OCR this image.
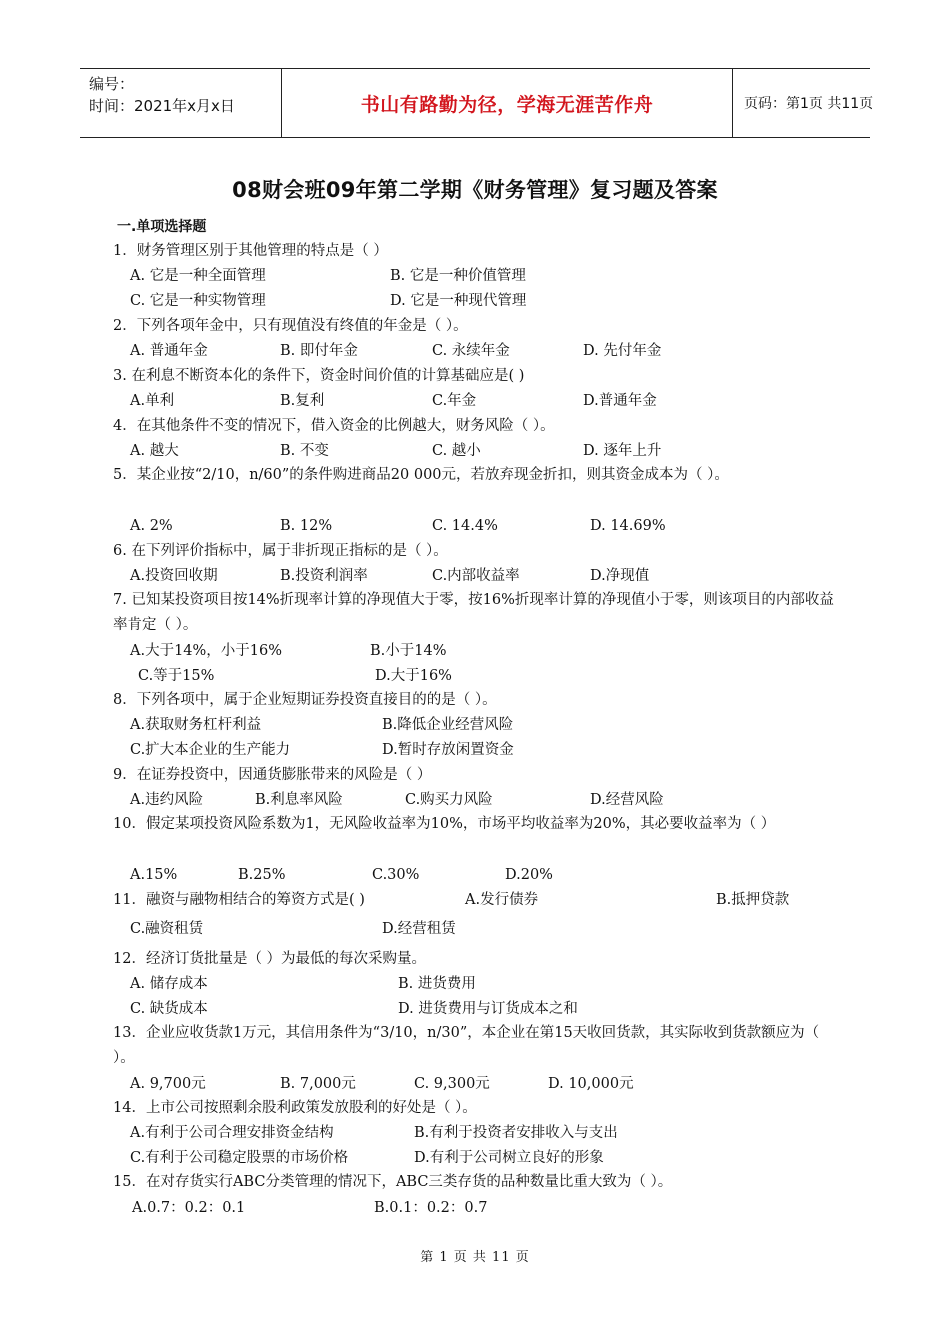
编号：
时间：2021年x月x日	书山有路勤为径，学海无涯苦作舟	页码：第1页 共11页
08财会班09年第二学期《财务管理》复习题及答案
一.单项选择题
1．财务管理区别于其他管理的特点是（ ）
A. 它是一种全面管理	B. 它是一种价值管理
C. 它是一种实物管理	D. 它是一种现代管理
2．下列各项年金中，只有现值没有终值的年金是（ ）。
A. 普通年金	B. 即付年金	C. 永续年金	D. 先付年金
3. 在利息不断资本化的条件下，资金时间价值的计算基础应是( )
A.单利	B.复利	C.年金	D.普通年金
4．在其他条件不变的情况下，借入资金的比例越大，财务风险（ ）。
A. 越大	B. 不变	C. 越小	D. 逐年上升
5．某企业按“2/10，n/60”的条件购进商品20 000元，若放弃现金折扣，则其资金成本为（ ）。
A. 2%	B. 12%	C. 14.4%	D. 14.69%
6. 在下列评价指标中，属于非折现正指标的是（ ）。
A.投资回收期	B.投资利润率	C.内部收益率	D.净现值
7. 已知某投资项目按14%折现率计算的净现值大于零，按16%折现率计算的净现值小于零，则该项目的内部收益率肯定（ ）。
A.大于14%，小于16%	B.小于14%
C.等于15%	D.大于16%
8．下列各项中，属于企业短期证券投资直接目的的是（ ）。
A.获取财务杠杆利益	B.降低企业经营风险
C.扩大本企业的生产能力	D.暂时存放闲置资金
9．在证券投资中，因通货膨胀带来的风险是（ ）
A.违约风险	B.利息率风险	C.购买力风险	D.经营风险
10．假定某项投资风险系数为1，无风险收益率为10%，市场平均收益率为20%，其必要收益率为（ ）
A.15%	B.25%	C.30%	D.20%
11．融资与融物相结合的筹资方式是( )	A.发行债券	B.抵押贷款
C.融资租赁	D.经营租赁
12．经济订货批量是（ ）为最低的每次采购量。
A. 储存成本	B. 进货费用
C. 缺货成本	D. 进货费用与订货成本之和
13．企业应收货款1万元，其信用条件为“3/10，n/30”，本企业在第15天收回货款，其实际收到货款额应为（ ）。
A. 9,700元	B. 7,000元	C. 9,300元	D. 10,000元
14．上市公司按照剩余股利政策发放股利的好处是（ ）。
A.有利于公司合理安排资金结构	B.有利于投资者安排收入与支出
C.有利于公司稳定股票的市场价格	D.有利于公司树立良好的形象
15．在对存货实行ABC分类管理的情况下，ABC三类存货的品种数量比重大致为（ ）。
A.0.7：0.2：0.1	B.0.1：0.2：0.7
第 1 页 共 11 页
